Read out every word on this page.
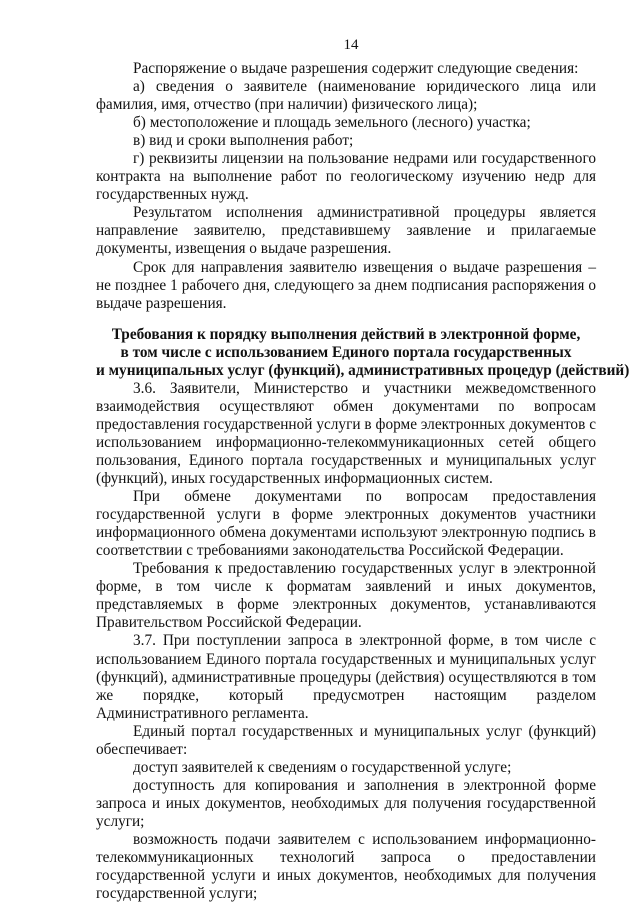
14

Распоряжение о выдаче разрешения содержит следующие сведения:

а) сведения о заявителе (наименование юридического лица или фамилия, имя, отчество (при наличии) физического лица);

б) местоположение и площадь земельного (лесного) участка;

в) вид и сроки выполнения работ;

г) реквизиты лицензии на пользование недрами или государственного контракта на выполнение работ по геологическому изучению недр для государственных нужд.

Результатом исполнения административной процедуры является направление заявителю, представившему заявление и прилагаемые документы, извещения о выдаче разрешения.

Срок для направления заявителю извещения о выдаче разрешения – не позднее 1 рабочего дня, следующего за днем подписания распоряжения о выдаче разрешения.

Требования к порядку выполнения действий в электронной форме,
в том числе с использованием Единого портала государственных
и муниципальных услуг (функций), административных процедур (действий)

3.6. Заявители, Министерство и участники межведомственного взаимодействия осуществляют обмен документами по вопросам предоставления государственной услуги в форме электронных документов с использованием информационно-телекоммуникационных сетей общего пользования, Единого портала государственных и муниципальных услуг (функций), иных государственных информационных систем.

При обмене документами по вопросам предоставления государственной услуги в форме электронных документов участники информационного обмена документами используют электронную подпись в соответствии с требованиями законодательства Российской Федерации.

Требования к предоставлению государственных услуг в электронной форме, в том числе к форматам заявлений и иных документов, представляемых в форме электронных документов, устанавливаются Правительством Российской Федерации.

3.7. При поступлении запроса в электронной форме, в том числе с использованием Единого портала государственных и муниципальных услуг (функций), административные процедуры (действия) осуществляются в том же порядке, который предусмотрен настоящим разделом Административного регламента.

Единый портал государственных и муниципальных услуг (функций) обеспечивает:

доступ заявителей к сведениям о государственной услуге;

доступность для копирования и заполнения в электронной форме запроса и иных документов, необходимых для получения государственной услуги;

возможность подачи заявителем с использованием информационно-телекоммуникационных технологий запроса о предоставлении государственной услуги и иных документов, необходимых для получения государственной услуги;
